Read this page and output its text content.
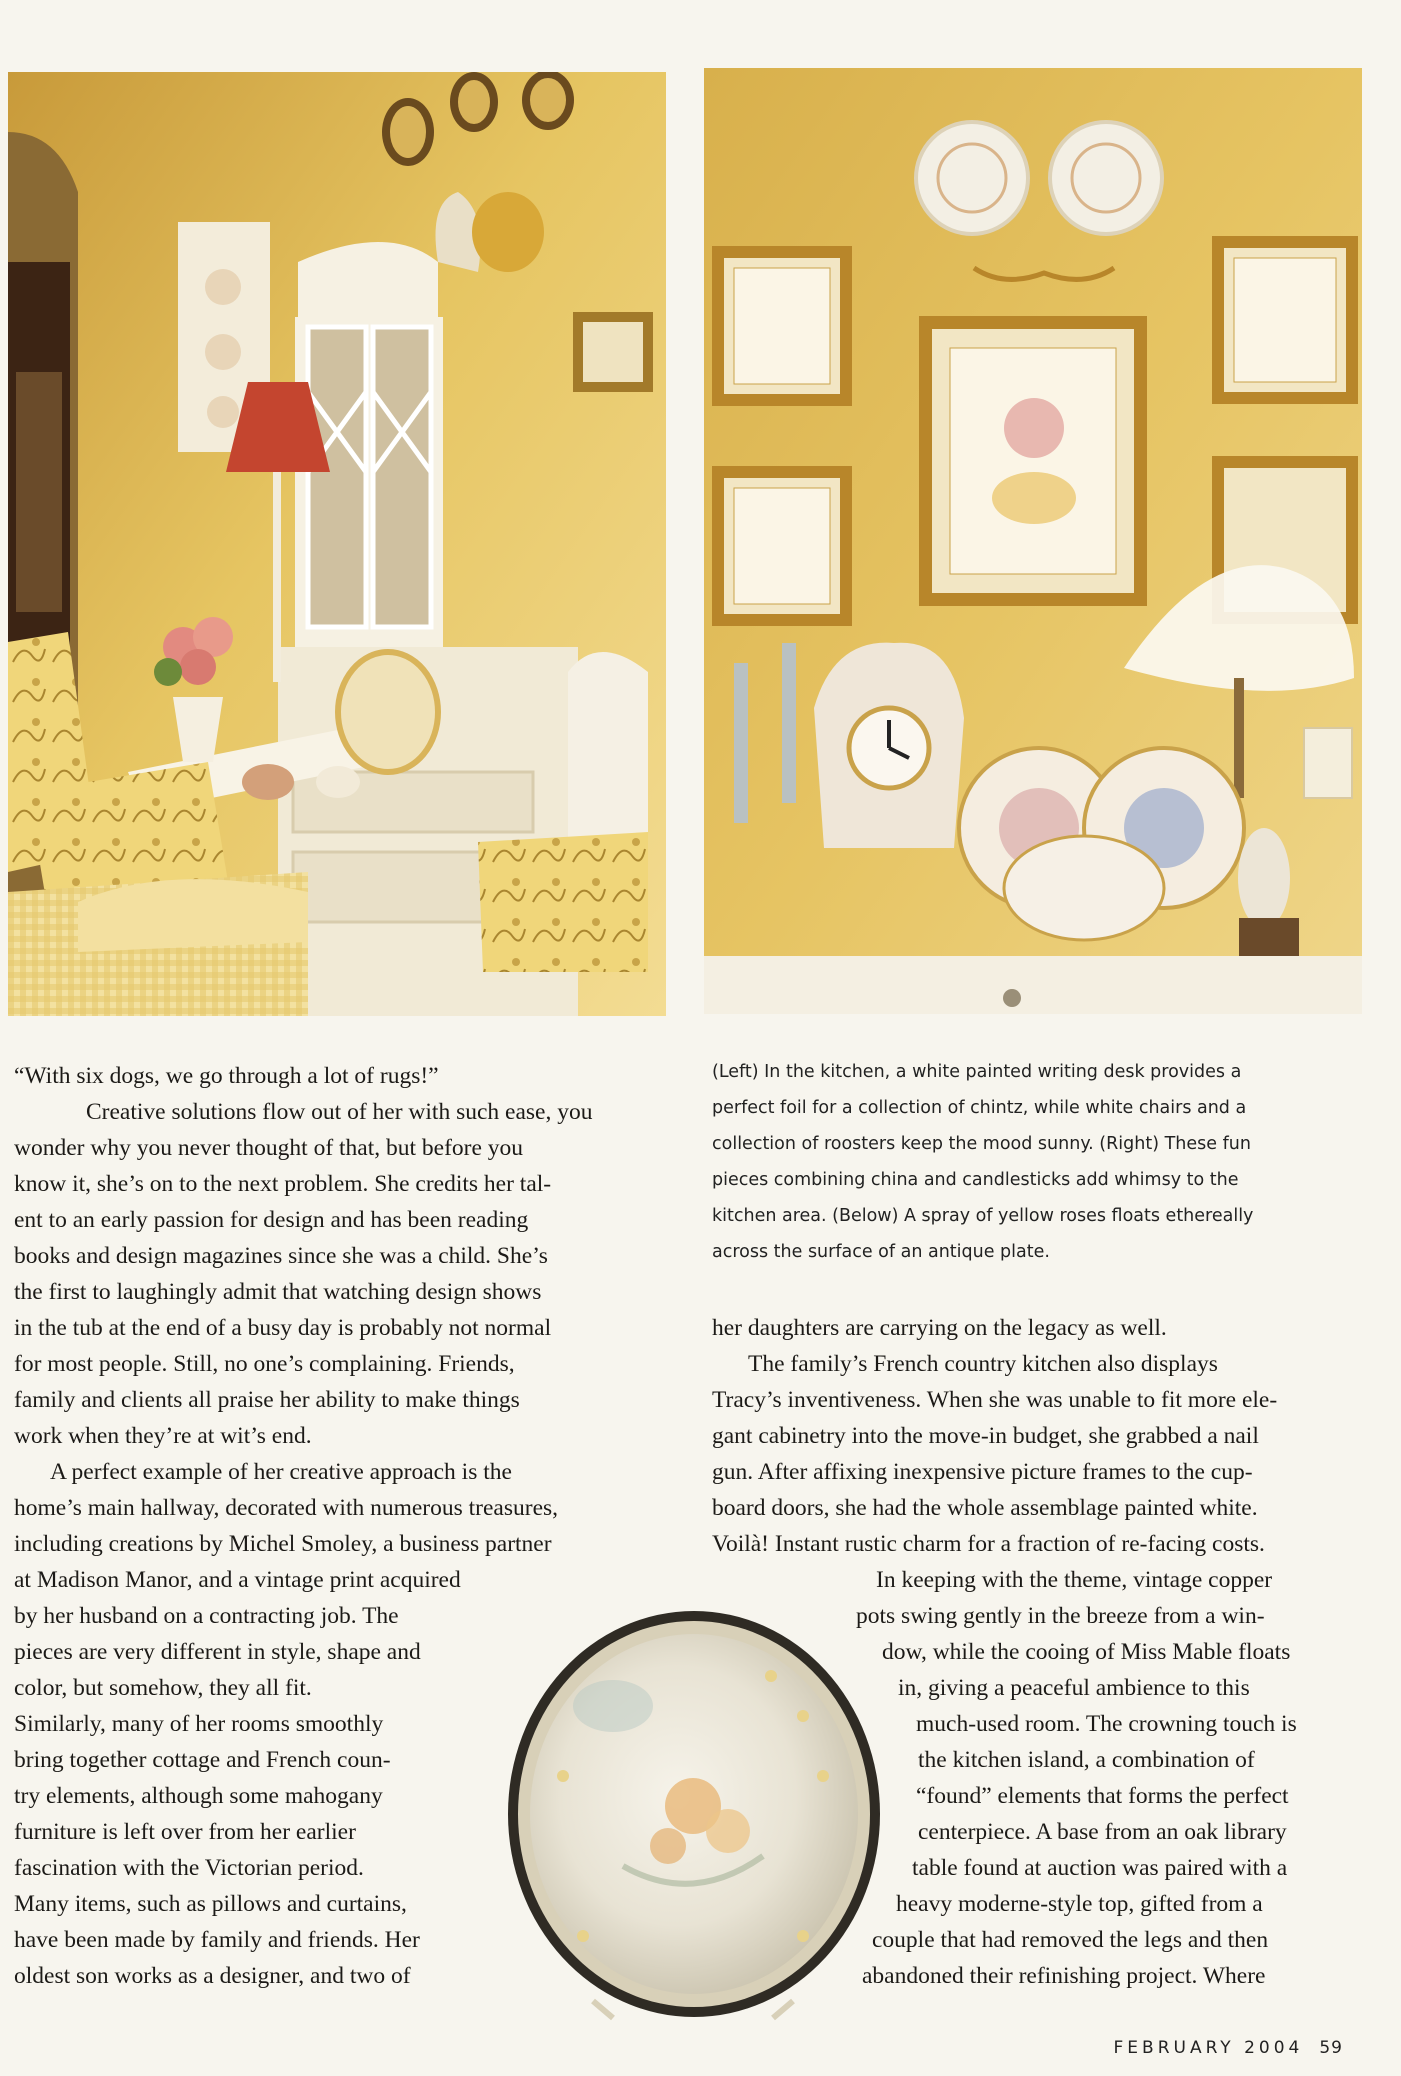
“With six dogs, we go through a lot of rugs!”
Creative solutions flow out of her with such ease, you
wonder why you never thought of that, but before you
know it, she’s on to the next problem. She credits her tal-
ent to an early passion for design and has been reading
books and design magazines since she was a child. She’s
the first to laughingly admit that watching design shows
in the tub at the end of a busy day is probably not normal
for most people. Still, no one’s complaining. Friends,
family and clients all praise her ability to make things
work when they’re at wit’s end.
A perfect example of her creative approach is the
home’s main hallway, decorated with numerous treasures,
including creations by Michel Smoley, a business partner
at Madison Manor, and a vintage print acquired
by her husband on a contracting job. The
pieces are very different in style, shape and
color, but somehow, they all fit.
Similarly, many of her rooms smoothly
bring together cottage and French coun-
try elements, although some mahogany
furniture is left over from her earlier
fascination with the Victorian period.
Many items, such as pillows and curtains,
have been made by family and friends. Her
oldest son works as a designer, and two of
(Left) In the kitchen, a white painted writing desk provides a
perfect foil for a collection of chintz, while white chairs and a
collection of roosters keep the mood sunny. (Right) These fun
pieces combining china and candlesticks add whimsy to the
kitchen area. (Below) A spray of yellow roses floats ethereally
across the surface of an antique plate.
her daughters are carrying on the legacy as well.
The family’s French country kitchen also displays
Tracy’s inventiveness. When she was unable to fit more ele-
gant cabinetry into the move-in budget, she grabbed a nail
gun. After affixing inexpensive picture frames to the cup-
board doors, she had the whole assemblage painted white.
Voilà! Instant rustic charm for a fraction of re-facing costs.
In keeping with the theme, vintage copper
pots swing gently in the breeze from a win-
dow, while the cooing of Miss Mable floats
in, giving a peaceful ambience to this
much-used room. The crowning touch is
the kitchen island, a combination of
“found” elements that forms the perfect
centerpiece. A base from an oak library
table found at auction was paired with a
heavy moderne-style top, gifted from a
couple that had removed the legs and then
abandoned their refinishing project. Where
FEBRUARY 2004 59
